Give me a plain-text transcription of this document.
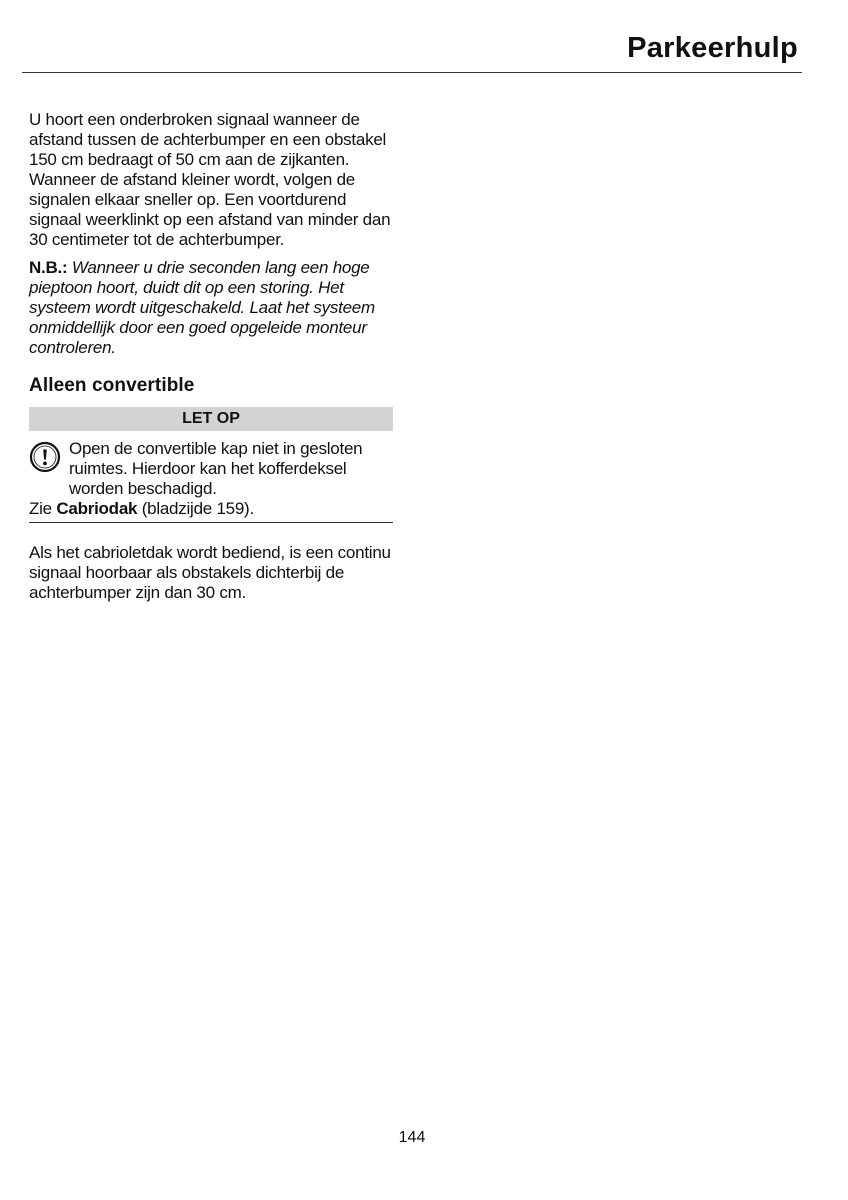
Parkeerhulp

U hoort een onderbroken signaal wanneer de afstand tussen de achterbumper en een obstakel 150 cm bedraagt of 50 cm aan de zijkanten. Wanneer de afstand kleiner wordt, volgen de signalen elkaar sneller op. Een voortdurend signaal weerklinkt op een afstand van minder dan 30 centimeter tot de achterbumper.

N.B.: Wanneer u drie seconden lang een hoge pieptoon hoort, duidt dit op een storing. Het systeem wordt uitgeschakeld. Laat het systeem onmiddellijk door een goed opgeleide monteur controleren.

Alleen convertible
LET OP
Open de convertible kap niet in gesloten ruimtes. Hierdoor kan het kofferdeksel worden beschadigd.
Zie Cabriodak (bladzijde 159).

Als het cabrioletdak wordt bediend, is een continu signaal hoorbaar als obstakels dichterbij de achterbumper zijn dan 30 cm.

144
